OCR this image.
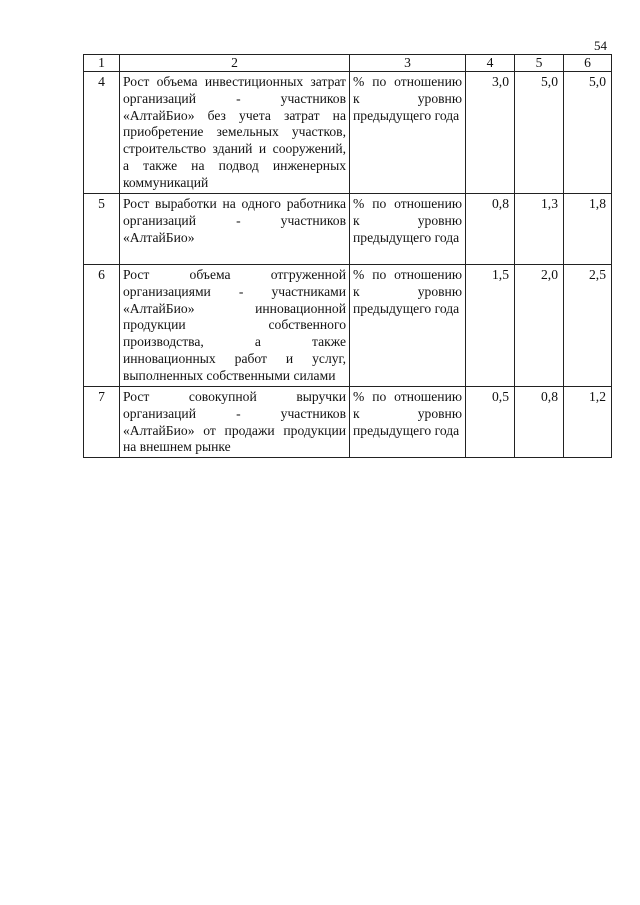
54
1	2	3	4	5	6
4	Рост объема инвестиционных затрат организаций - участников «АлтайБио» без учета затрат на приобретение земельных участков, строительство зданий и сооружений, а также на подвод инженерных коммуникаций	% по отношению к уровню предыдущего года	3,0	5,0	5,0
5	Рост выработки на одного работника организаций - участников «АлтайБио»	% по отношению к уровню предыдущего года	0,8	1,3	1,8
6	Рост объема отгруженной организациями - участниками «АлтайБио» инновационной продукции собственного производства, а также инновационных работ и услуг, выполненных собственными силами	% по отношению к уровню предыдущего года	1,5	2,0	2,5
7	Рост совокупной выручки организаций - участников «АлтайБио» от продажи продукции на внешнем рынке	% по отношению к уровню предыдущего года	0,5	0,8	1,2
